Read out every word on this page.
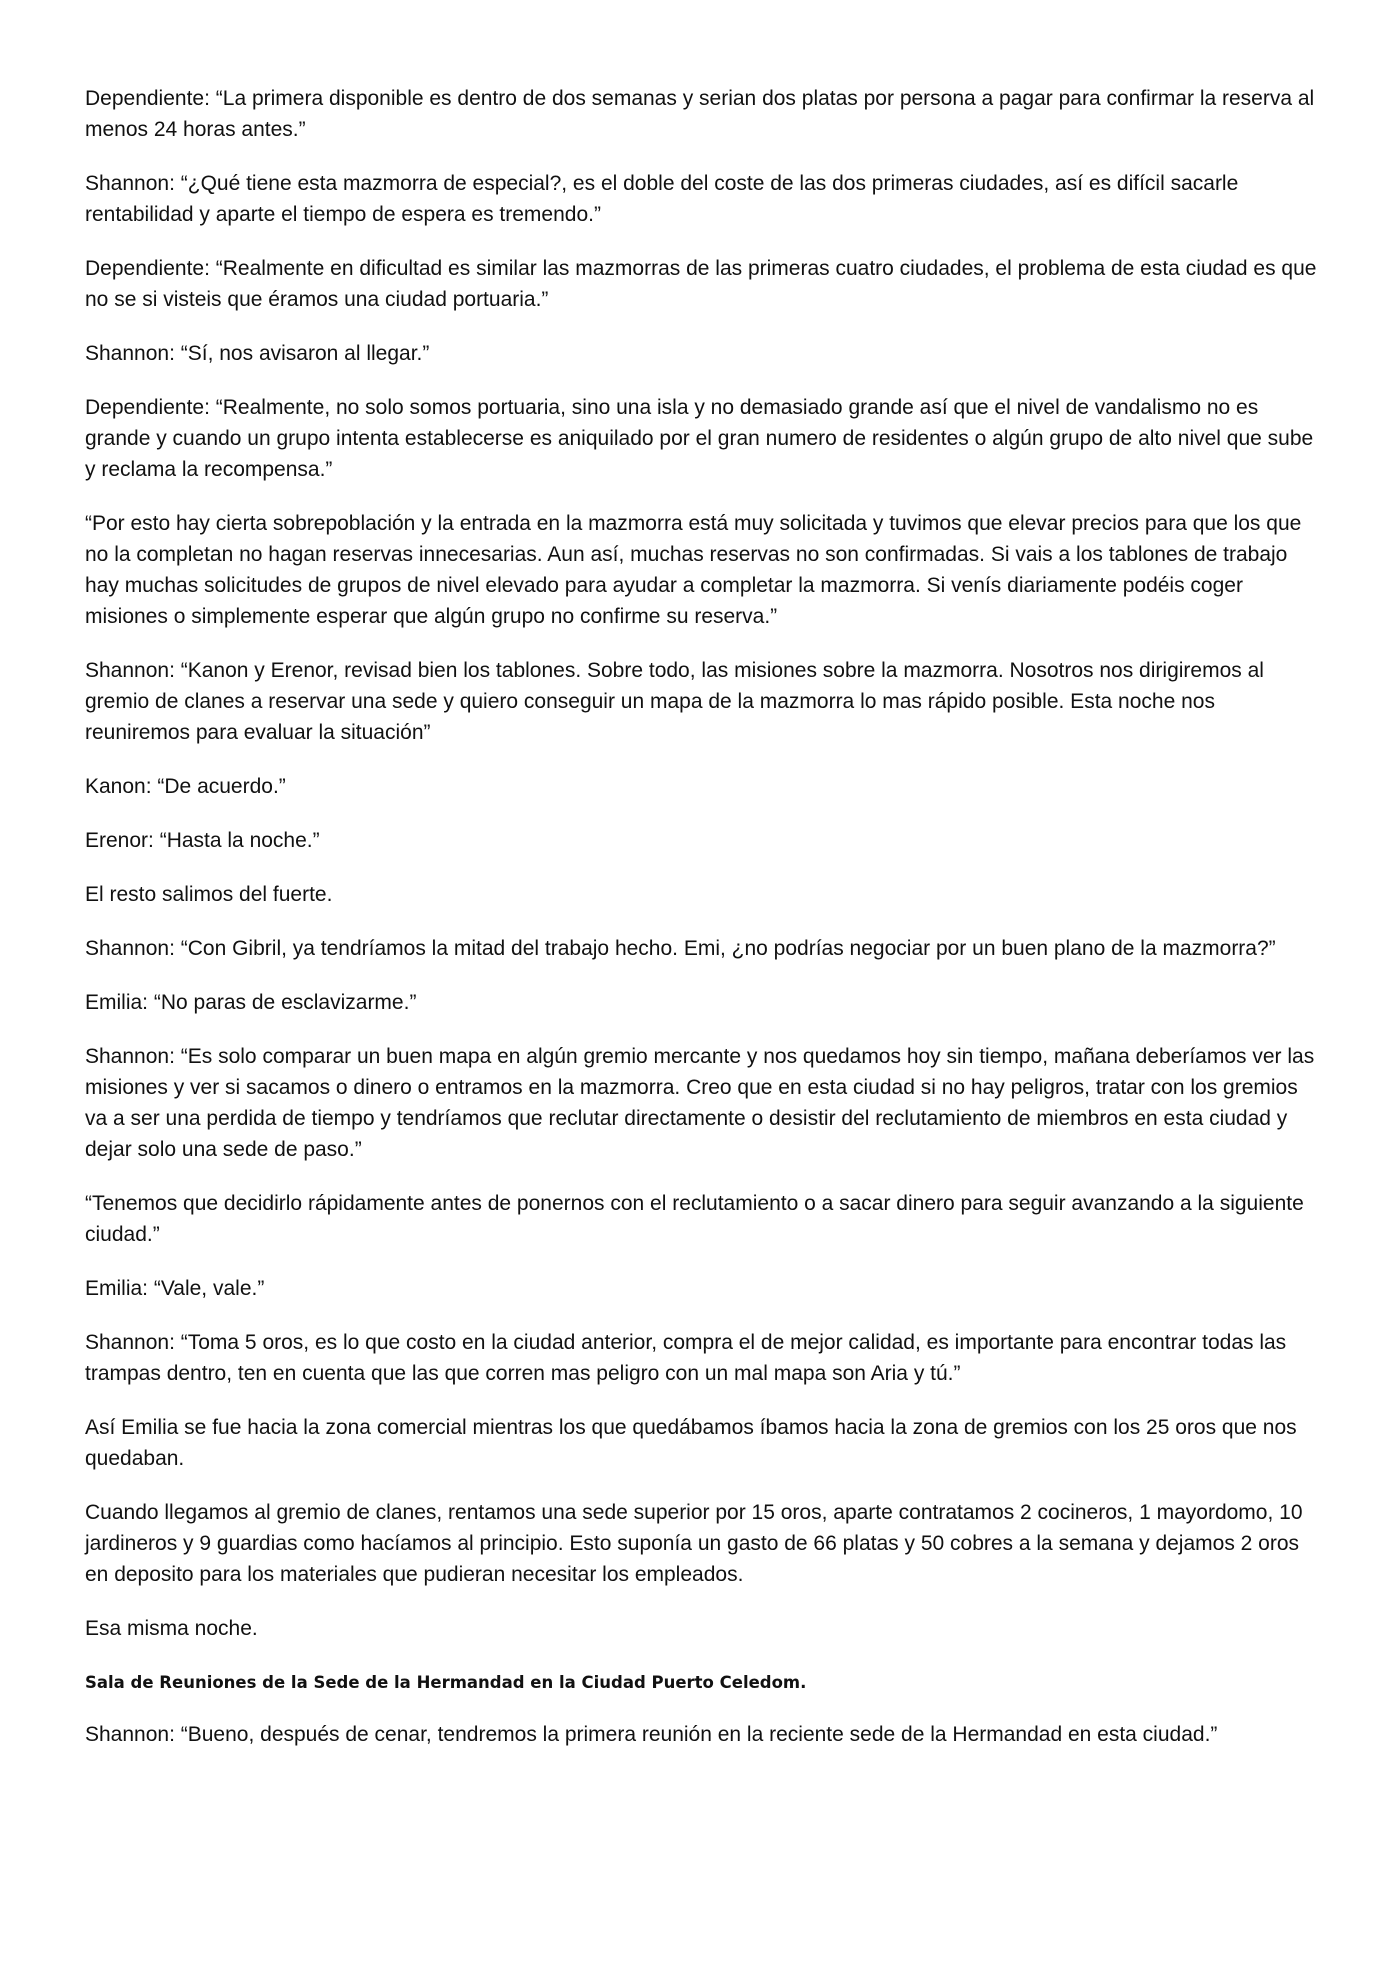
Dependiente: “La primera disponible es dentro de dos semanas y serian dos platas por persona a pagar para confirmar la reserva al menos 24 horas antes.”

Shannon: “¿Qué tiene esta mazmorra de especial?, es el doble del coste de las dos primeras ciudades, así es difícil sacarle rentabilidad y aparte el tiempo de espera es tremendo.”

Dependiente: “Realmente en dificultad es similar las mazmorras de las primeras cuatro ciudades, el problema de esta ciudad es que no se si visteis que éramos una ciudad portuaria.”

Shannon: “Sí, nos avisaron al llegar.”

Dependiente: “Realmente, no solo somos portuaria, sino una isla y no demasiado grande así que el nivel de vandalismo no es grande y cuando un grupo intenta establecerse es aniquilado por el gran numero de residentes o algún grupo de alto nivel que sube y reclama la recompensa.”

“Por esto hay cierta sobrepoblación y la entrada en la mazmorra está muy solicitada y tuvimos que elevar precios para que los que no la completan no hagan reservas innecesarias. Aun así, muchas reservas no son confirmadas. Si vais a los tablones de trabajo hay muchas solicitudes de grupos de nivel elevado para ayudar a completar la mazmorra. Si venís diariamente podéis coger misiones o simplemente esperar que algún grupo no confirme su reserva.”

Shannon: “Kanon y Erenor, revisad bien los tablones. Sobre todo, las misiones sobre la mazmorra. Nosotros nos dirigiremos al gremio de clanes a reservar una sede y quiero conseguir un mapa de la mazmorra lo mas rápido posible. Esta noche nos reuniremos para evaluar la situación”

Kanon: “De acuerdo.”

Erenor: “Hasta la noche.”

El resto salimos del fuerte.

Shannon: “Con Gibril, ya tendríamos la mitad del trabajo hecho. Emi, ¿no podrías negociar por un buen plano de la mazmorra?”

Emilia: “No paras de esclavizarme.”

Shannon: “Es solo comparar un buen mapa en algún gremio mercante y nos quedamos hoy sin tiempo, mañana deberíamos ver las misiones y ver si sacamos o dinero o entramos en la mazmorra. Creo que en esta ciudad si no hay peligros, tratar con los gremios va a ser una perdida de tiempo y tendríamos que reclutar directamente o desistir del reclutamiento de miembros en esta ciudad y dejar solo una sede de paso.”

“Tenemos que decidirlo rápidamente antes de ponernos con el reclutamiento o a sacar dinero para seguir avanzando a la siguiente ciudad.”

Emilia: “Vale, vale.”

Shannon: “Toma 5 oros, es lo que costo en la ciudad anterior, compra el de mejor calidad, es importante para encontrar todas las trampas dentro, ten en cuenta que las que corren mas peligro con un mal mapa son Aria y tú.”

Así Emilia se fue hacia la zona comercial mientras los que quedábamos íbamos hacia la zona de gremios con los 25 oros que nos quedaban.

Cuando llegamos al gremio de clanes, rentamos una sede superior por 15 oros, aparte contratamos 2 cocineros, 1 mayordomo, 10 jardineros y 9 guardias como hacíamos al principio. Esto suponía un gasto de 66 platas y 50 cobres a la semana y dejamos 2 oros en deposito para los materiales que pudieran necesitar los empleados.

Esa misma noche.

Sala de Reuniones de la Sede de la Hermandad en la Ciudad Puerto Celedom.

Shannon: “Bueno, después de cenar, tendremos la primera reunión en la reciente sede de la Hermandad en esta ciudad.”
